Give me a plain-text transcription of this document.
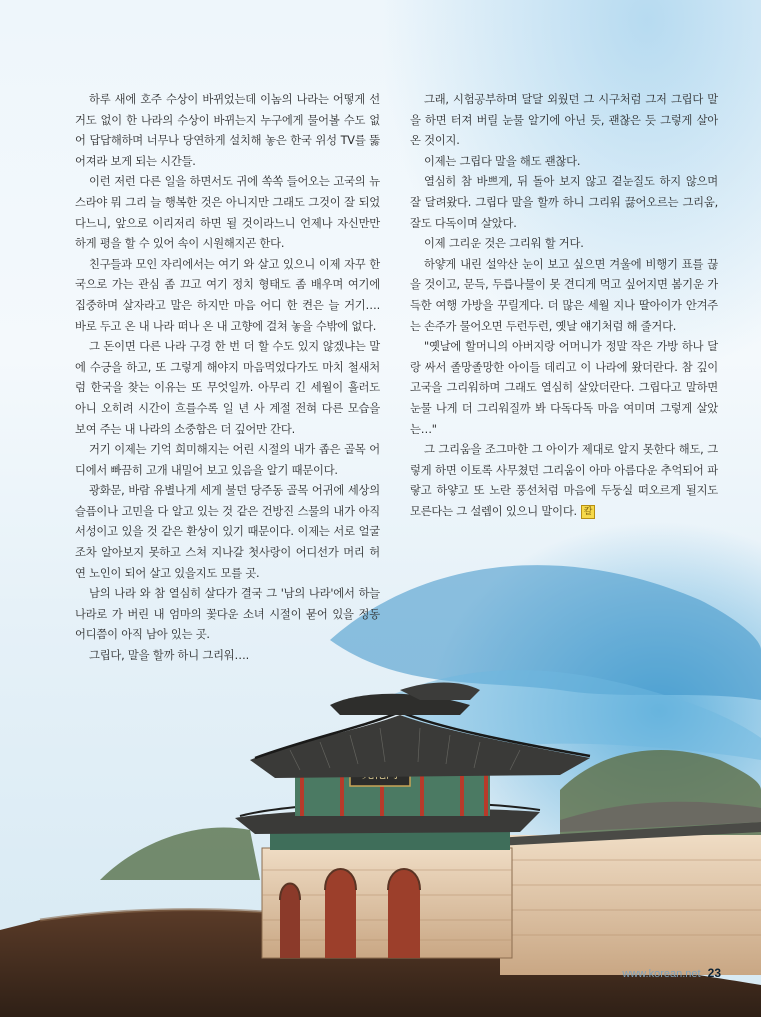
하루 새에 호주 수상이 바뀌었는데 이놈의 나라는 어떻게 선거도 없이 한 나라의 수상이 바뀌는지 누구에게 물어볼 수도 없어 답답해하며 너무나 당연하게 설치해 놓은 한국 위성 TV를 뚫어져라 보게 되는 시간들.

이런 저런 다른 일을 하면서도 귀에 쏙쏙 들어오는 고국의 뉴스라야 뭐 그리 늘 행복한 것은 아니지만 그래도 그것이 잘 되었다느니, 앞으로 이리저리 하면 될 것이라느니 언제나 자신만만하게 평을 할 수 있어 속이 시원해지곤 한다.

친구들과 모인 자리에서는 여기 와 살고 있으니 이제 자꾸 한국으로 가는 관심 좀 끄고 여기 정치 형태도 좀 배우며 여기에 집중하며 살자라고 말은 하지만 마음 어디 한 켠은 늘 거기…. 바로 두고 온 내 나라 떠나 온 내 고향에 걸쳐 놓을 수밖에 없다.

그 돈이면 다른 나라 구경 한 번 더 할 수도 있지 않겠냐는 말에 수긍을 하고, 또 그렇게 해야지 마음먹었다가도 마치 철새처럼 한국을 찾는 이유는 또 무엇일까. 아무리 긴 세월이 흘러도 아니 오히려 시간이 흐를수록 일 년 사 계절 전혀 다른 모습을 보여 주는 내 나라의 소중함은 더 깊어만 간다.

거기 이제는 기억 희미해지는 어린 시절의 내가 좁은 골목 어디에서 빠끔히 고개 내밀어 보고 있음을 알기 때문이다.

광화문, 바람 유별나게 세게 불던 당주동 골목 어귀에 세상의 슬픔이나 고민을 다 알고 있는 것 같은 건방진 스물의 내가 아직 서성이고 있을 것 같은 환상이 있기 때문이다. 이제는 서로 얼굴조차 알아보지 못하고 스쳐 지나갈 첫사랑이 어디선가 머리 허연 노인이 되어 살고 있을지도 모를 곳.

남의 나라 와 참 열심히 살다가 결국 그 '남의 나라'에서 하늘나라로 가 버린 내 엄마의 꽃다운 소녀 시절이 묻어 있을 정동 어디쯤이 아직 남아 있는 곳.

그립다, 말을 할까 하니 그리워….

그래, 시험공부하며 달달 외웠던 그 시구처럼 그저 그립다 말을 하면 터져 버릴 눈물 알기에 아닌 듯, 괜찮은 듯 그렇게 살아 온 것이지.

이제는 그립다 말을 해도 괜찮다.

열심히 참 바쁘게, 뒤 돌아 보지 않고 곁눈질도 하지 않으며 잘 달려왔다. 그립다 말을 할까 하니 그리워 끓어오르는 그리움, 잘도 다독이며 살았다.

이제 그리운 것은 그리워 할 거다.

하얗게 내린 설악산 눈이 보고 싶으면 겨울에 비행기 표를 끊을 것이고, 문득, 두릅나물이 못 견디게 먹고 싶어지면 봄기운 가득한 여행 가방을 꾸릴게다. 더 많은 세월 지나 딸아이가 안겨주는 손주가 물어오면 두런두런, 옛날 얘기처럼 해 줄거다.

"옛날에 할머니의 아버지랑 어머니가 정말 작은 가방 하나 달랑 싸서 졸망졸망한 아이들 데리고 이 나라에 왔더란다. 참 깊이 고국을 그리워하며 그래도 열심히 살았더란다. 그립다고 말하면 눈물 나게 더 그리워질까 봐 다독다독 마음 여미며 그렇게 살았는…"

그 그리움을 조그마한 그 아이가 제대로 알지 못한다 해도, 그렇게 하면 이토록 사무쳤던 그리움이 아마 아름다운 추억되어 파랗고 하얗고 또 노란 풍선처럼 마음에 두둥실 떠오르게 될지도 모른다는 그 설렘이 있으니 말이다. 칼

www.korean.net 23
